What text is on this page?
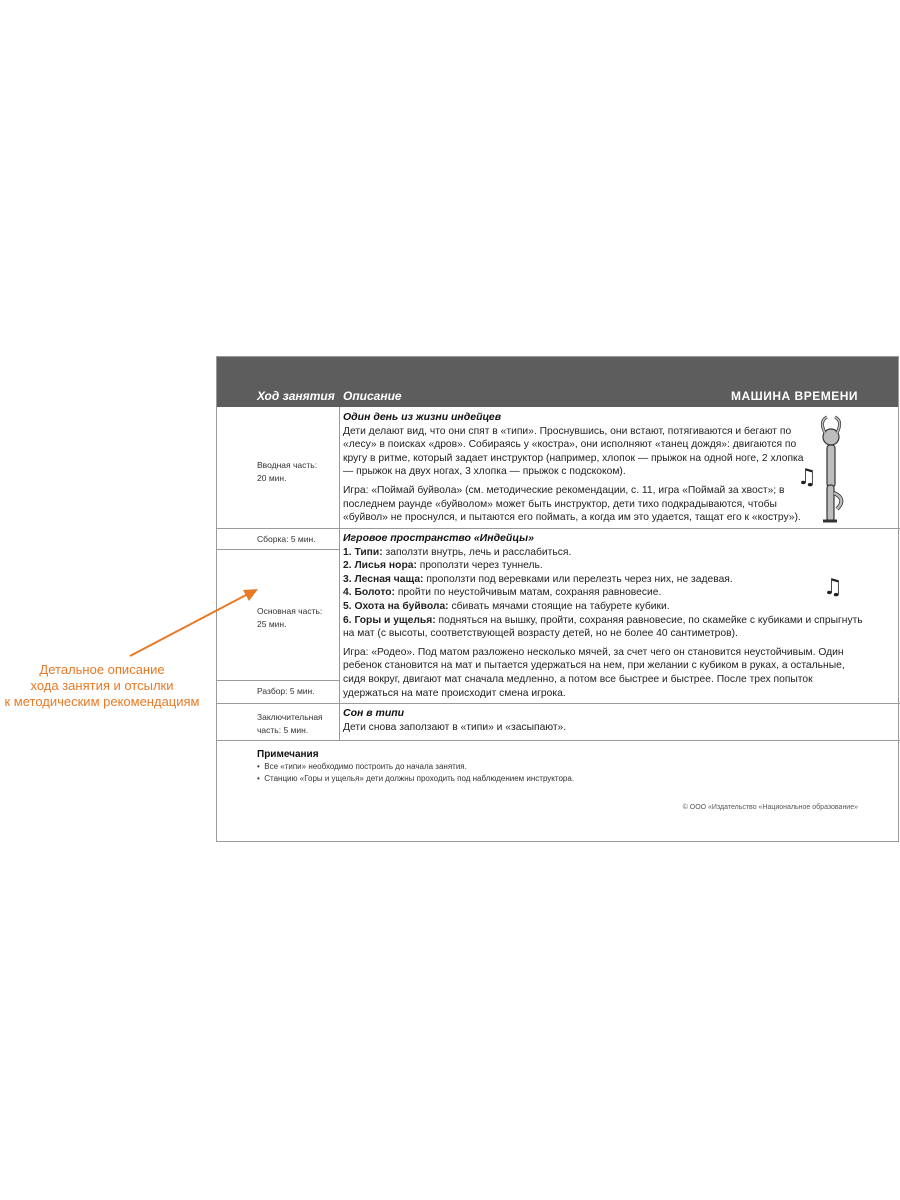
Ход занятия Описание	МАШИНА ВРЕМЕНИ
Вводная часть:
20 мин.
Сборка: 5 мин.
Основная часть:
25 мин.
Разбор: 5 мин.
Заключительная
часть: 5 мин.
Один день из жизни индейцев

Дети делают вид, что они спят в «типи». Проснувшись, они встают, потягиваются и бегают по «лесу» в поисках «дров». Собираясь у «костра», они исполняют «танец дождя»: двигаются по кругу в ритме, который задает инструктор (например, хлопок — прыжок на одной ноге, 2 хлопка — прыжок на двух ногах, 3 хлопка — прыжок с подскоком).

Игра: «Поймай буйвола» (см. методические рекомендации, с. 11, игра «Поймай за хвост»; в последнем раунде «буйволом» может быть инструктор, дети тихо подкрадываются, чтобы «буйвол» не проснулся, и пытаются его поймать, а когда им это удается, тащат его к «костру»).

Игровое пространство «Индейцы»

1. Типи: заползти внутрь, лечь и расслабиться.

2. Лисья нора: проползти через туннель.

3. Лесная чаща: проползти под веревками или перелезть через них, не задевая.

4. Болото: пройти по неустойчивым матам, сохраняя равновесие.

5. Охота на буйвола: сбивать мячами стоящие на табурете кубики.

6. Горы и ущелья: подняться на вышку, пройти, сохраняя равновесие, по скамейке с кубиками и спрыгнуть на мат (с высоты, соответствующей возрасту детей, но не более 40 сантиметров).

Игра: «Родео». Под матом разложено несколько мячей, за счет чего он становится неустойчивым. Один ребенок становится на мат и пытается удержаться на нем, при желании с кубиком в руках, а остальные, сидя вокруг, двигают мат сначала медленно, а потом все быстрее и быстрее. После трех попыток удержаться на мате происходит смена игрока.

Сон в типи

Дети снова заползают в «типи» и «засыпают».

♫
♫
Примечания
•  Все «типи» необходимо построить до начала занятия.
•  Станцию «Горы и ущелья» дети должны проходить под наблюдением инструктора.
© ООО «Издательство «Национальное образование»
Детальное описание
хода занятия и отсылки
к методическим рекомендациям
